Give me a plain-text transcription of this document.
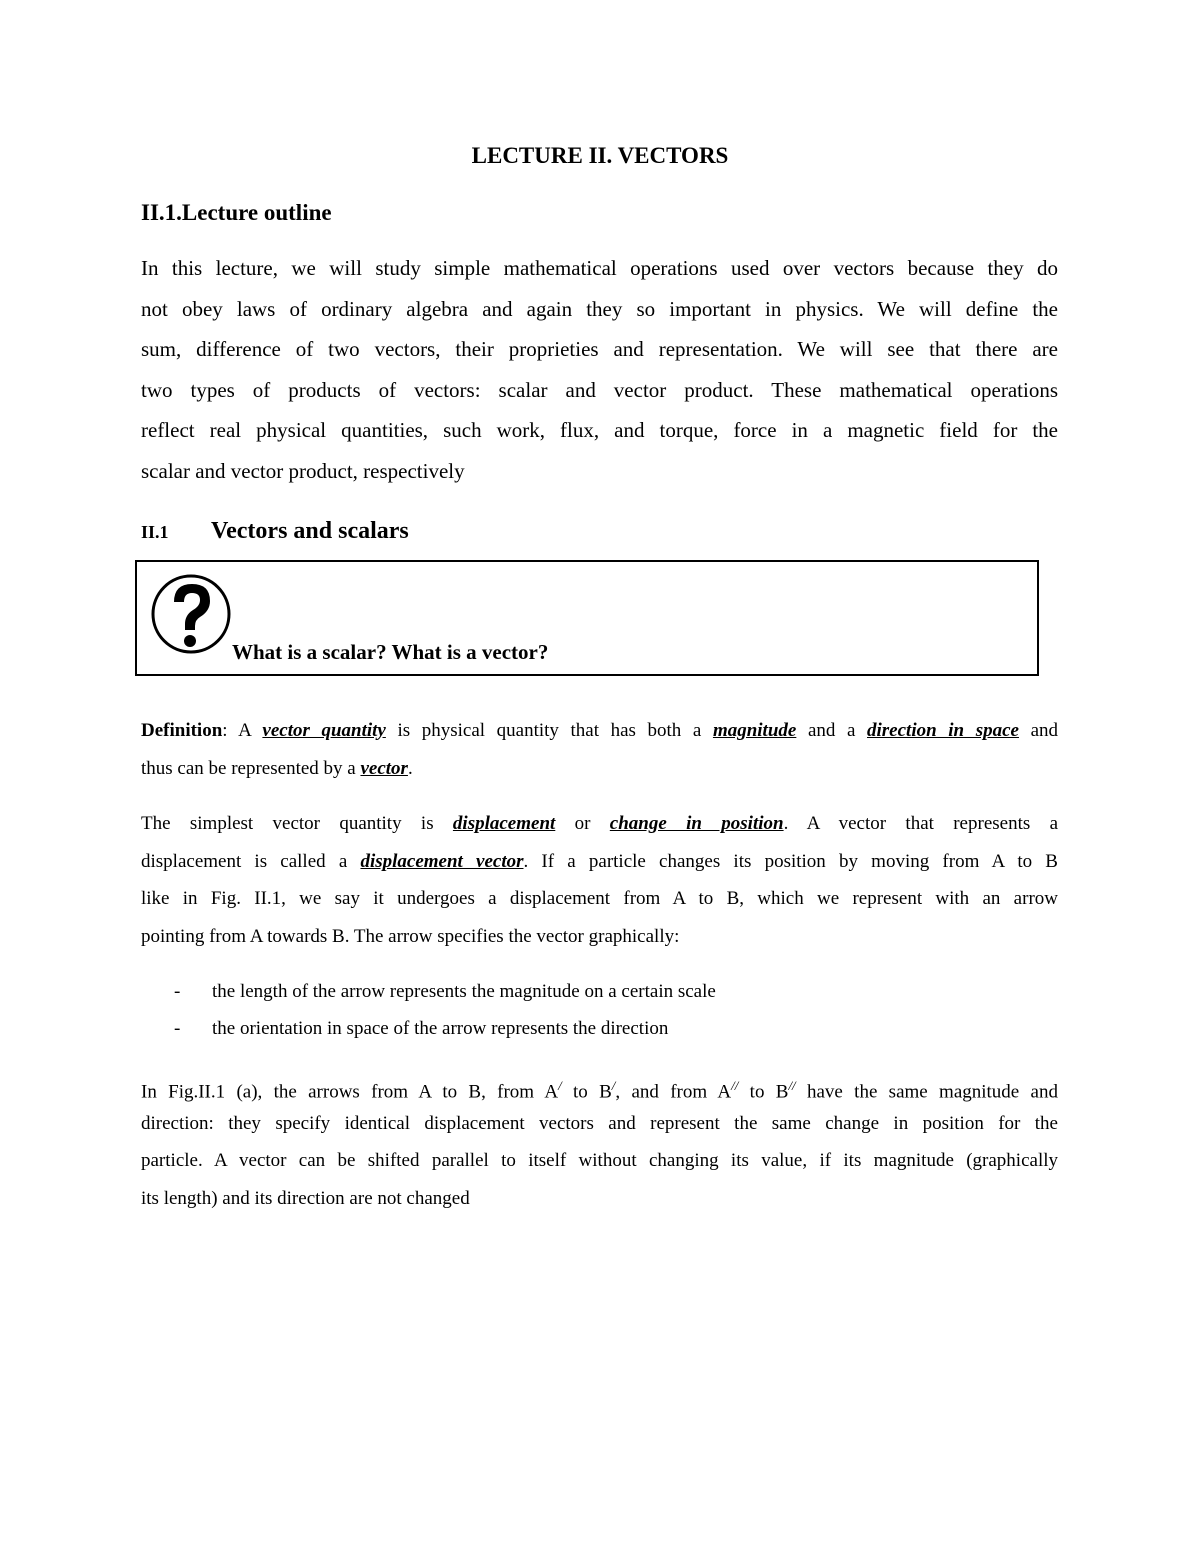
LECTURE II. VECTORS
II.1.Lecture outline

In this lecture, we will study simple mathematical operations used over vectors because they do
not obey laws of ordinary algebra and again they so important in physics. We will define the
sum, difference of two vectors, their proprieties and representation. We will see that there are
two types of products of vectors: scalar and vector product. These mathematical operations
reflect real physical quantities, such work, flux, and torque, force in a magnetic field for the
scalar and vector product, respectively

II.1 Vectors and scalars
What is a scalar? What is a vector?

Definition: A vector quantity is physical quantity that has both a magnitude and a direction in space and
thus can be represented by a vector.

The simplest vector quantity is displacement or change in position. A vector that represents a
displacement is called a displacement vector. If a particle changes its position by moving from A to B
like in Fig. II.1, we say it undergoes a displacement from A to B, which we represent with an arrow
pointing from A towards B. The arrow specifies the vector graphically:

- the length of the arrow represents the magnitude on a certain scale
- the orientation in space of the arrow represents the direction

In Fig.II.1 (a), the arrows from A to B, from A/ to B/, and from A// to B// have the same magnitude and
direction: they specify identical displacement vectors and represent the same change in position for the
particle. A vector can be shifted parallel to itself without changing its value, if its magnitude (graphically
its length) and its direction are not changed
